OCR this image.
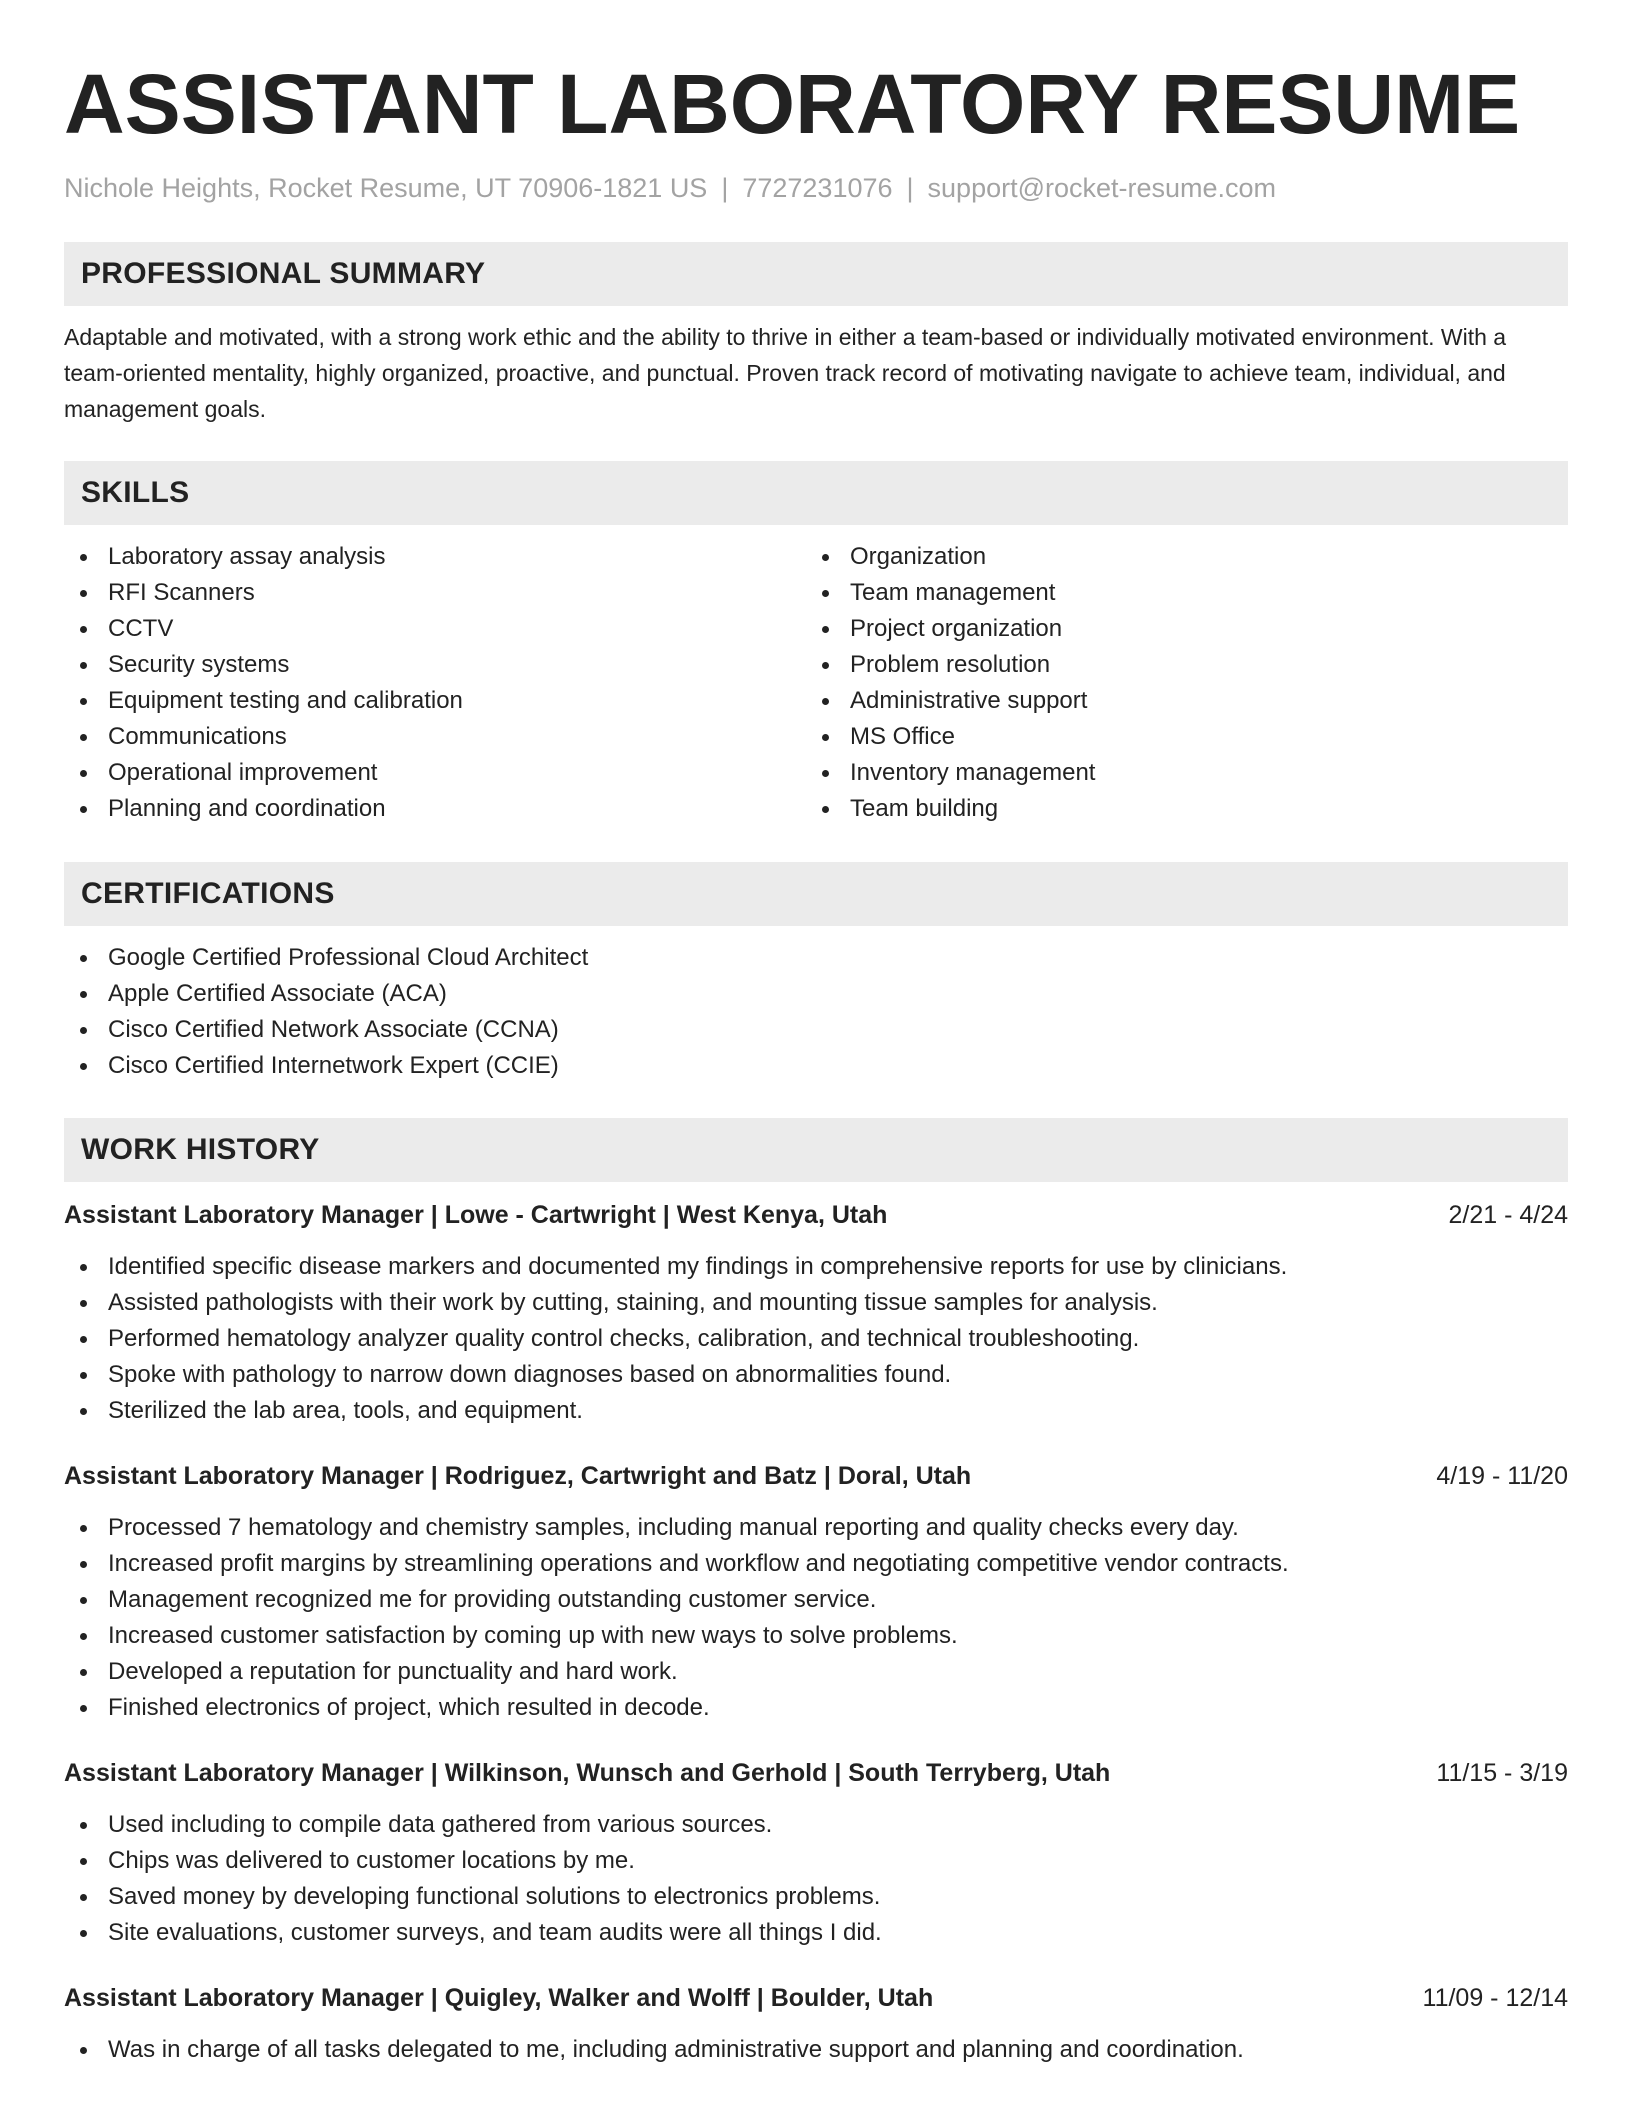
ASSISTANT LABORATORY RESUME
Nichole Heights, Rocket Resume, UT 70906-1821 US | 7727231076 | support@rocket-resume.com
PROFESSIONAL SUMMARY

Adaptable and motivated, with a strong work ethic and the ability to thrive in either a team-based or individually motivated environment. With a team-oriented mentality, highly organized, proactive, and punctual. Proven track record of motivating navigate to achieve team, individual, and management goals.

SKILLS
Laboratory assay analysis
RFI Scanners
CCTV
Security systems
Equipment testing and calibration
Communications
Operational improvement
Planning and coordination
Organization
Team management
Project organization
Problem resolution
Administrative support
MS Office
Inventory management
Team building
CERTIFICATIONS
Google Certified Professional Cloud Architect
Apple Certified Associate (ACA)
Cisco Certified Network Associate (CCNA)
Cisco Certified Internetwork Expert (CCIE)
WORK HISTORY
Assistant Laboratory Manager | Lowe - Cartwright | West Kenya, Utah	2/21 - 4/24
Identified specific disease markers and documented my findings in comprehensive reports for use by clinicians.
Assisted pathologists with their work by cutting, staining, and mounting tissue samples for analysis.
Performed hematology analyzer quality control checks, calibration, and technical troubleshooting.
Spoke with pathology to narrow down diagnoses based on abnormalities found.
Sterilized the lab area, tools, and equipment.
Assistant Laboratory Manager | Rodriguez, Cartwright and Batz | Doral, Utah	4/19 - 11/20
Processed 7 hematology and chemistry samples, including manual reporting and quality checks every day.
Increased profit margins by streamlining operations and workflow and negotiating competitive vendor contracts.
Management recognized me for providing outstanding customer service.
Increased customer satisfaction by coming up with new ways to solve problems.
Developed a reputation for punctuality and hard work.
Finished electronics of project, which resulted in decode.
Assistant Laboratory Manager | Wilkinson, Wunsch and Gerhold | South Terryberg, Utah	11/15 - 3/19
Used including to compile data gathered from various sources.
Chips was delivered to customer locations by me.
Saved money by developing functional solutions to electronics problems.
Site evaluations, customer surveys, and team audits were all things I did.
Assistant Laboratory Manager | Quigley, Walker and Wolff | Boulder, Utah	11/09 - 12/14
Was in charge of all tasks delegated to me, including administrative support and planning and coordination.
